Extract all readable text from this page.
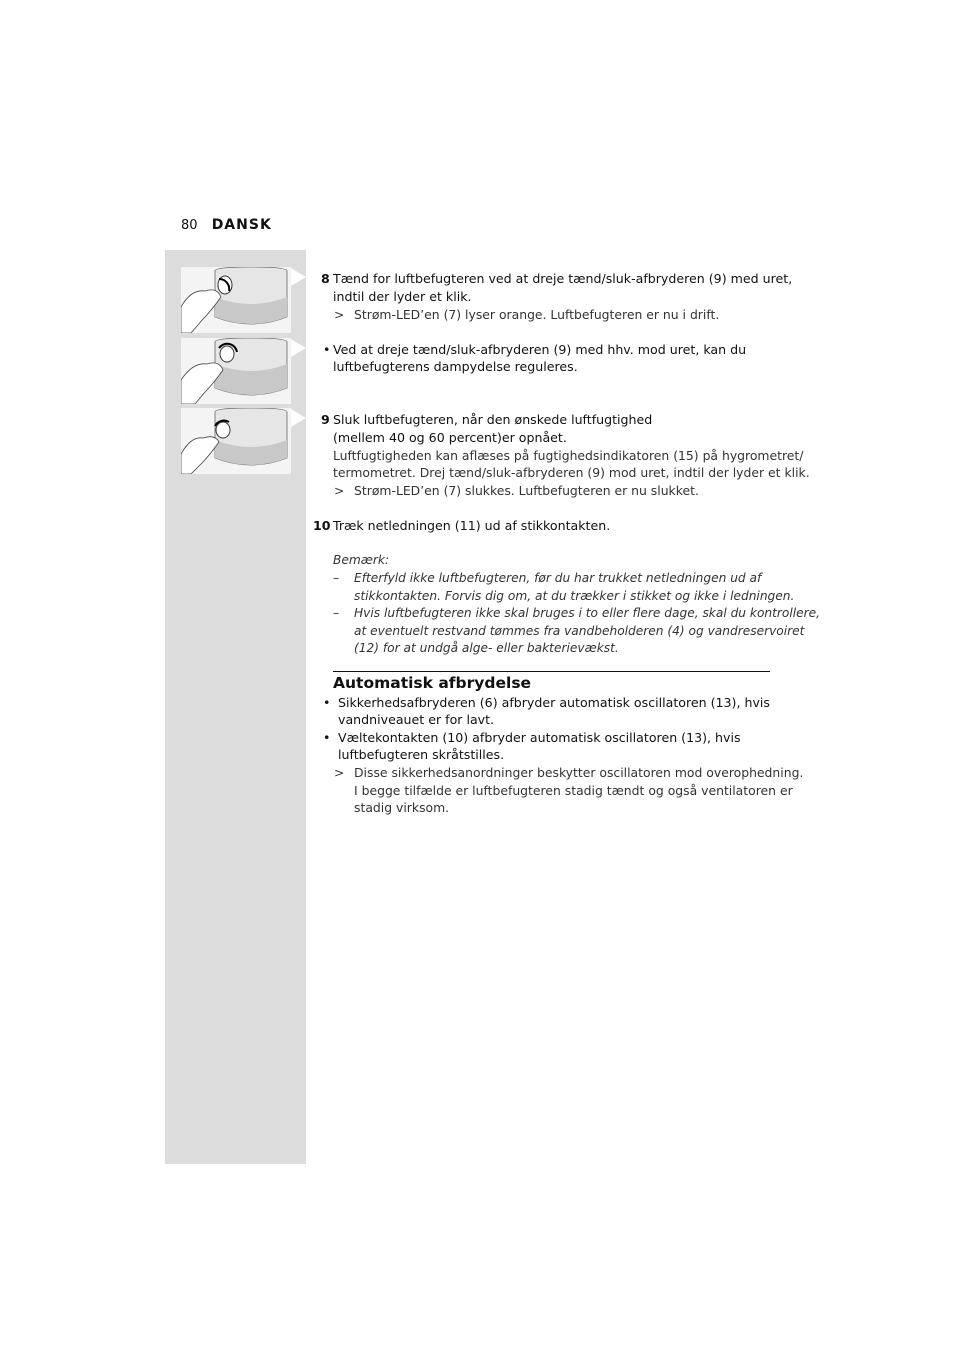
80 DANSK
8 Tænd for luftbefugteren ved at dreje tænd/sluk-afbryderen (9) med uret,
indtil der lyder et klik.
> Strøm-LED’en (7) lyser orange. Luftbefugteren er nu i drift.
• Ved at dreje tænd/sluk-afbryderen (9) med hhv. mod uret, kan du
luftbefugterens dampydelse reguleres.
9 Sluk luftbefugteren, når den ønskede luftfugtighed
(mellem 40 og 60 percent)er opnået.
Luftfugtigheden kan aflæses på fugtighedsindikatoren (15) på hygrometret/
termometret. Drej tænd/sluk-afbryderen (9) mod uret, indtil der lyder et klik.
> Strøm-LED’en (7) slukkes. Luftbefugteren er nu slukket.
10 Træk netledningen (11) ud af stikkontakten.
Bemærk:
– Efterfyld ikke luftbefugteren, før du har trukket netledningen ud af
stikkontakten. Forvis dig om, at du trækker i stikket og ikke i ledningen.
– Hvis luftbefugteren ikke skal bruges i to eller flere dage, skal du kontrollere,
at eventuelt restvand tømmes fra vandbeholderen (4) og vandreservoiret
(12) for at undgå alge- eller bakterievækst.
Automatisk afbrydelse
• Sikkerhedsafbryderen (6) afbryder automatisk oscillatoren (13), hvis
vandniveauet er for lavt.
• Væltekontakten (10) afbryder automatisk oscillatoren (13), hvis
luftbefugteren skråtstilles.
> Disse sikkerhedsanordninger beskytter oscillatoren mod overophedning.
I begge tilfælde er luftbefugteren stadig tændt og også ventilatoren er
stadig virksom.
